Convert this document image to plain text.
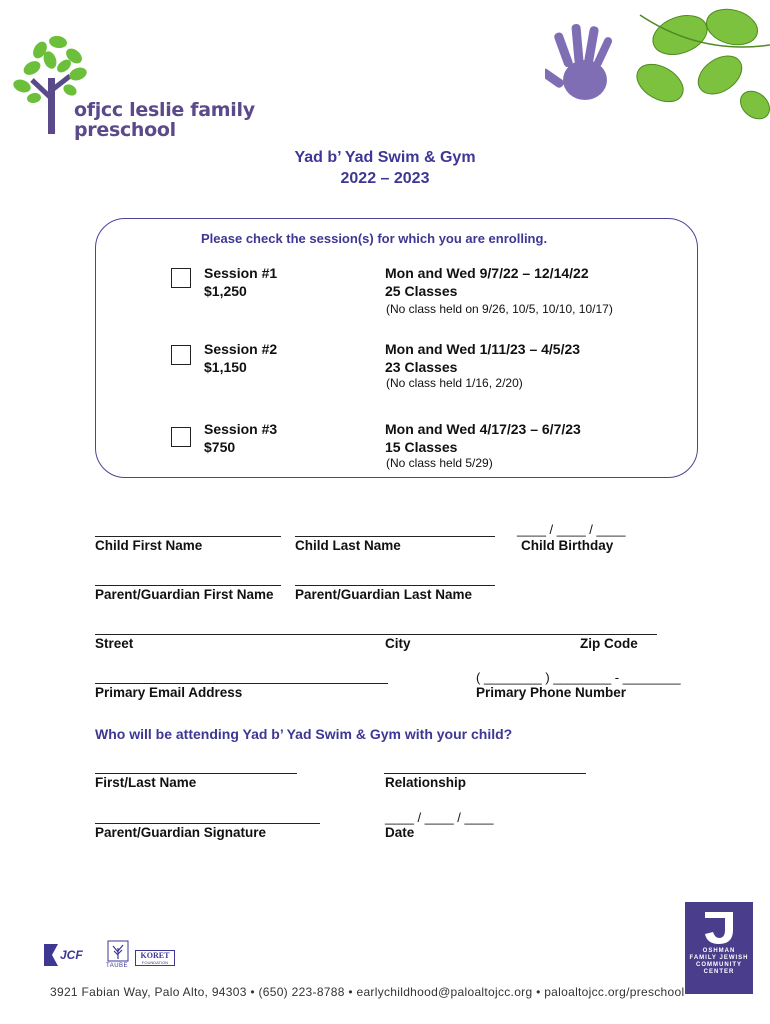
ofjcc leslie family
preschool
Yad b’ Yad Swim & Gym
2022 – 2023
Please check the session(s) for which you are enrolling.
Session #1
$1,250
Mon and Wed 9/7/22 – 12/14/22
25 Classes
(No class held on 9/26, 10/5, 10/10, 10/17)
Session #2
$1,150
Mon and Wed 1/11/23 – 4/5/23
23 Classes
(No class held 1/16, 2/20)
Session #3
$750
Mon and Wed 4/17/23 – 6/7/23
15 Classes
(No class held 5/29)
____ / ____ / ____
Child First Name	Child Last Name	Child Birthday
Parent/Guardian First Name Parent/Guardian Last Name
Street	City	Zip Code
( ________ ) ________ - ________
Primary Email Address	Primary Phone Number
Who will be attending Yad b’ Yad Swim & Gym with your child?
First/Last Name	Relationship
____ / ____ / ____
Parent/Guardian Signature	Date
JCF
TAUBE
KORET
FOUNDATION
OSHMAN FAMILY JEWISH COMMUNITY CENTER
3921 Fabian Way, Palo Alto, 94303 • (650) 223-8788 • earlychildhood@paloaltojcc.org • paloaltojcc.org/preschool
